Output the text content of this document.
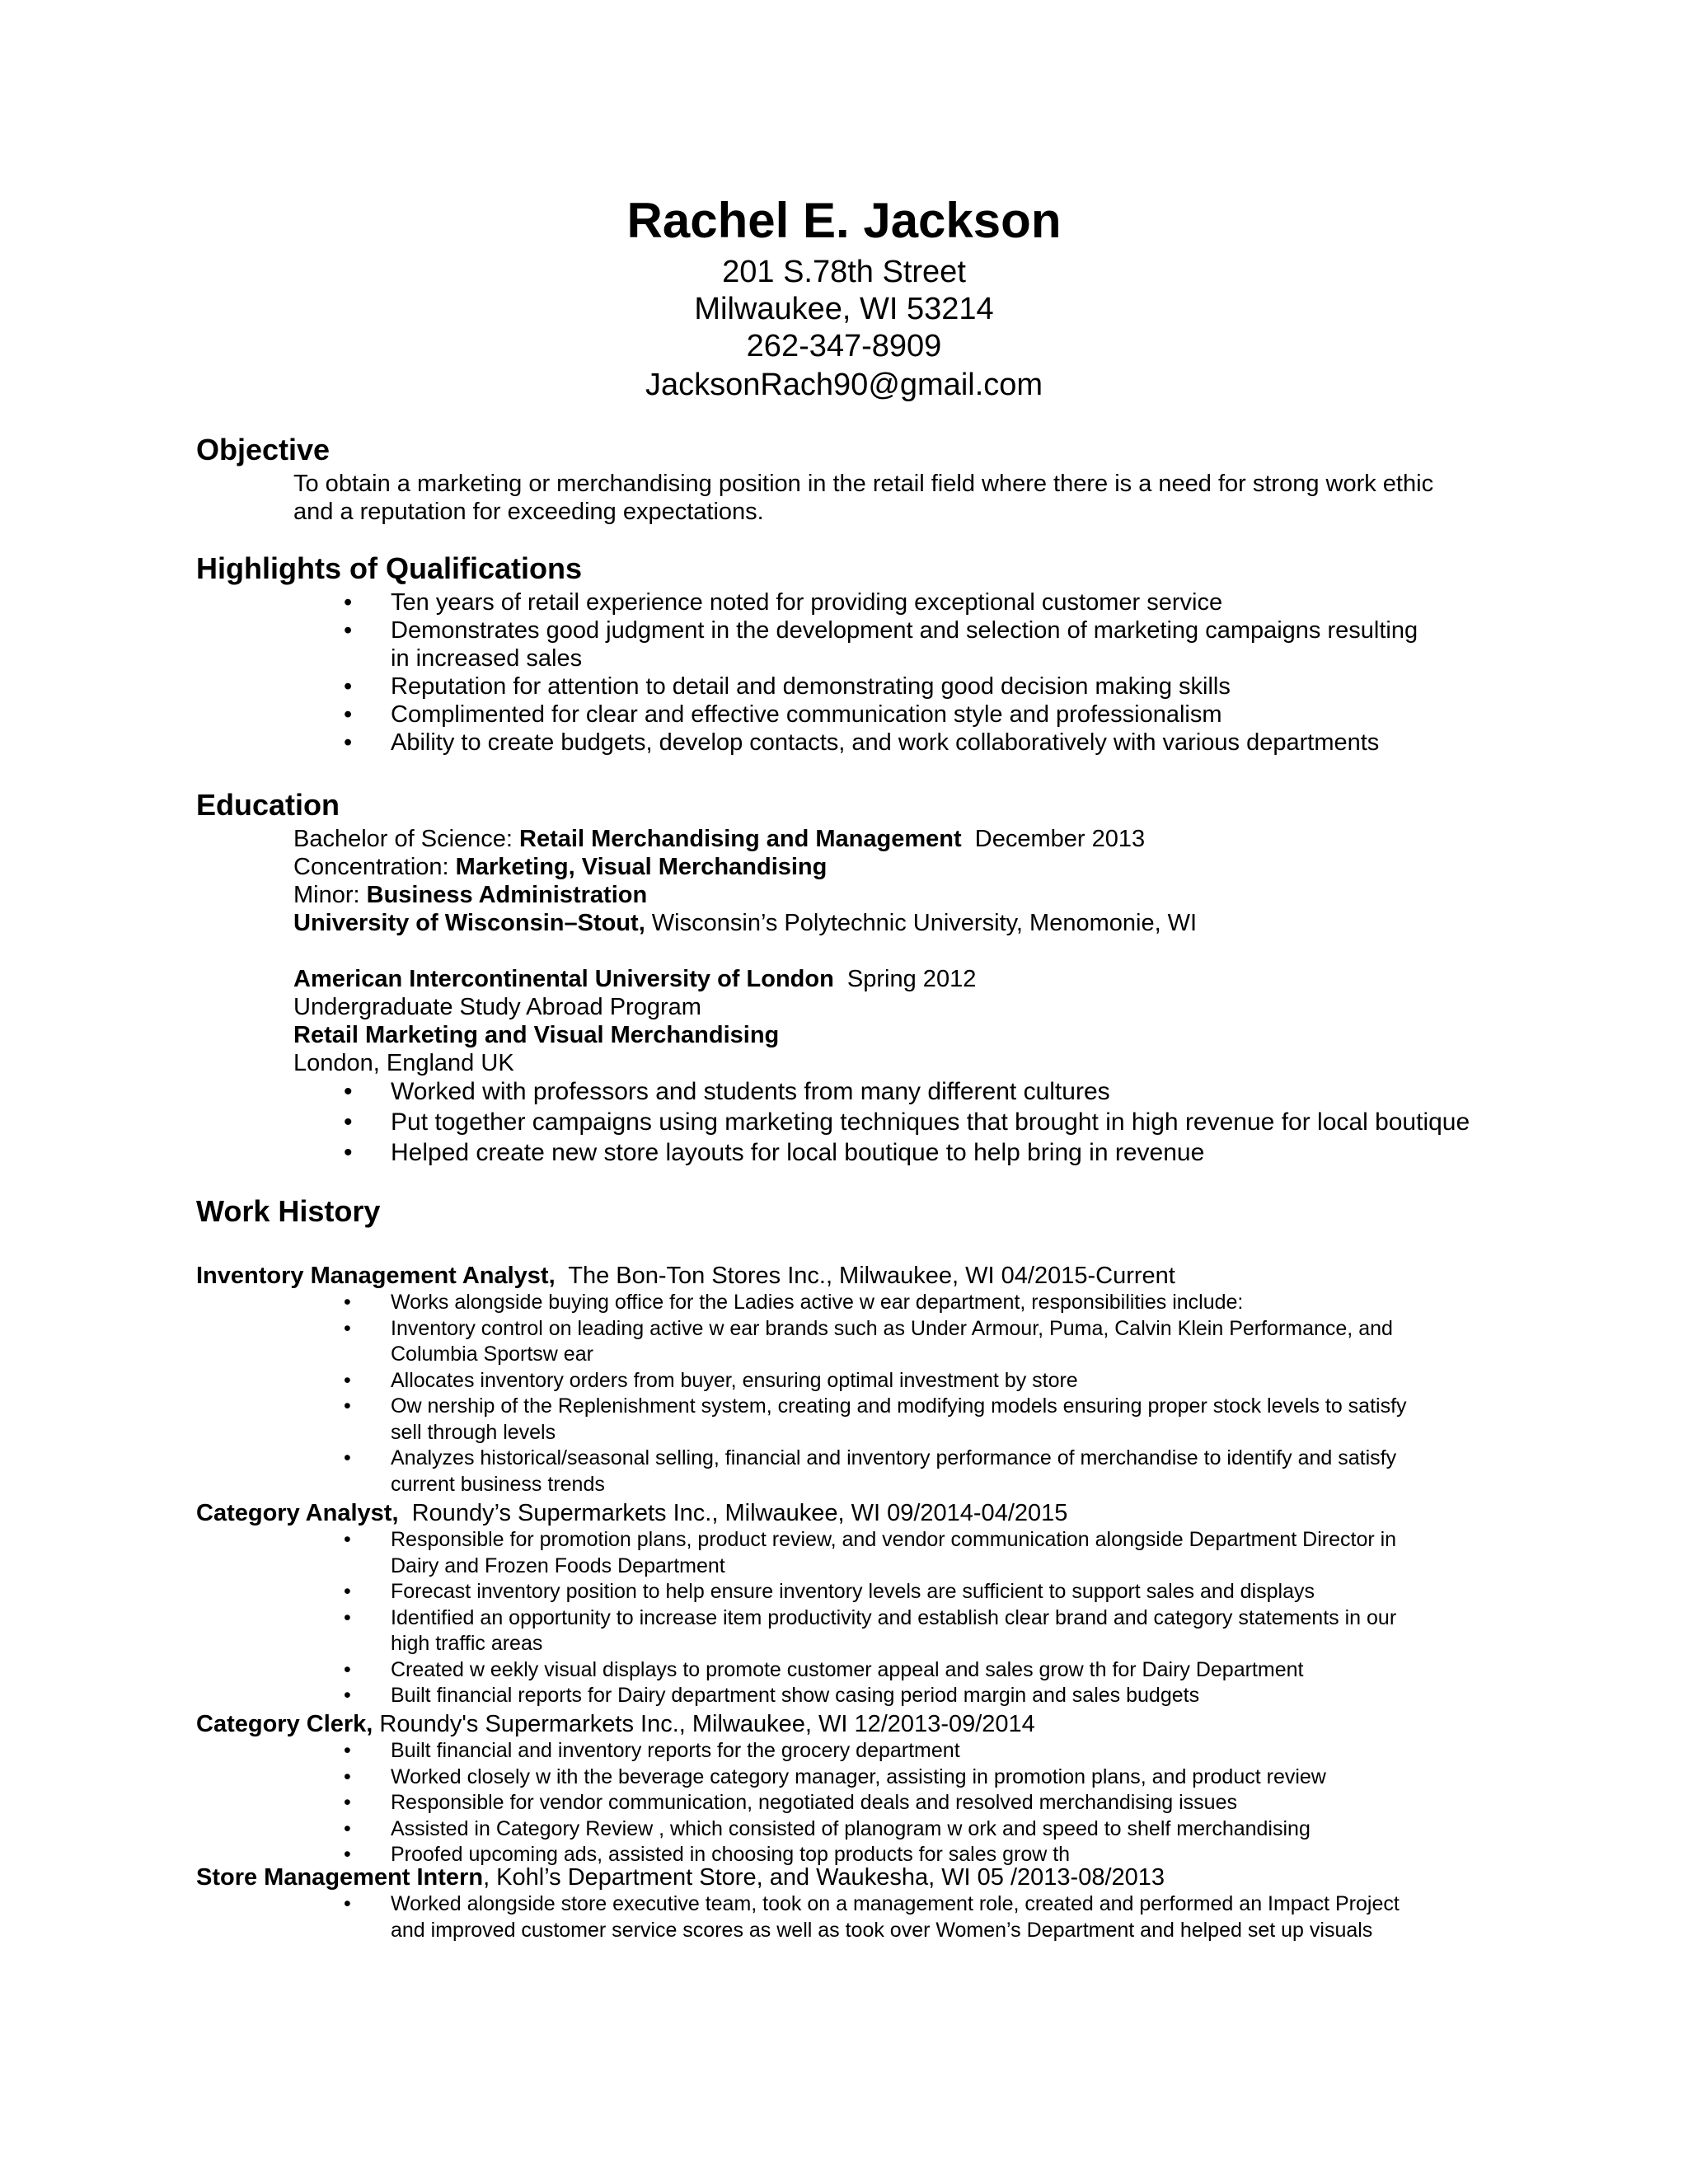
Rachel E. Jackson
201 S.78th Street
Milwaukee, WI 53214
262-347-8909
JacksonRach90@gmail.com
Objective
To obtain a marketing or merchandising position in the retail field where there is a need for strong work ethic
and a reputation for exceeding expectations.
Highlights of Qualifications
• Ten years of retail experience noted for providing exceptional customer service
• Demonstrates good judgment in the development and selection of marketing campaigns resulting
in increased sales
• Reputation for attention to detail and demonstrating good decision making skills
• Complimented for clear and effective communication style and professionalism
• Ability to create budgets, develop contacts, and work collaboratively with various departments
Education
Bachelor of Science: Retail Merchandising and Management  December 2013
Concentration: Marketing, Visual Merchandising
Minor: Business Administration
University of Wisconsin–Stout, Wisconsin’s Polytechnic University, Menomonie, WI
American Intercontinental University of London  Spring 2012
Undergraduate Study Abroad Program
Retail Marketing and Visual Merchandising
London, England UK
• Worked with professors and students from many different cultures
• Put together campaigns using marketing techniques that brought in high revenue for local boutique
• Helped create new store layouts for local boutique to help bring in revenue
Work History
Inventory Management Analyst,  The Bon-Ton Stores Inc., Milwaukee, WI 04/2015-Current
• Works alongside buying office for the Ladies active w ear department, responsibilities include:
• Inventory control on leading active w ear brands such as Under Armour, Puma, Calvin Klein Performance, and
Columbia Sportsw ear
• Allocates inventory orders from buyer, ensuring optimal investment by store
• Ow nership of the Replenishment system, creating and modifying models ensuring proper stock levels to satisfy
sell through levels
• Analyzes historical/seasonal selling, financial and inventory performance of merchandise to identify and satisfy
current business trends
Category Analyst,  Roundy’s Supermarkets Inc., Milwaukee, WI 09/2014-04/2015
• Responsible for promotion plans, product review, and vendor communication alongside Department Director in
Dairy and Frozen Foods Department
• Forecast inventory position to help ensure inventory levels are sufficient to support sales and displays
• Identified an opportunity to increase item productivity and establish clear brand and category statements in our
high traffic areas
• Created w eekly visual displays to promote customer appeal and sales grow th for Dairy Department
• Built financial reports for Dairy department show casing period margin and sales budgets
Category Clerk, Roundy's Supermarkets Inc., Milwaukee, WI 12/2013-09/2014
• Built financial and inventory reports for the grocery department
• Worked closely w ith the beverage category manager, assisting in promotion plans, and product review
• Responsible for vendor communication, negotiated deals and resolved merchandising issues
• Assisted in Category Review , which consisted of planogram w ork and speed to shelf merchandising
• Proofed upcoming ads, assisted in choosing top products for sales grow th
Store Management Intern, Kohl’s Department Store, and Waukesha, WI 05 /2013-08/2013
• Worked alongside store executive team, took on a management role, created and performed an Impact Project
and improved customer service scores as well as took over Women’s Department and helped set up visuals
